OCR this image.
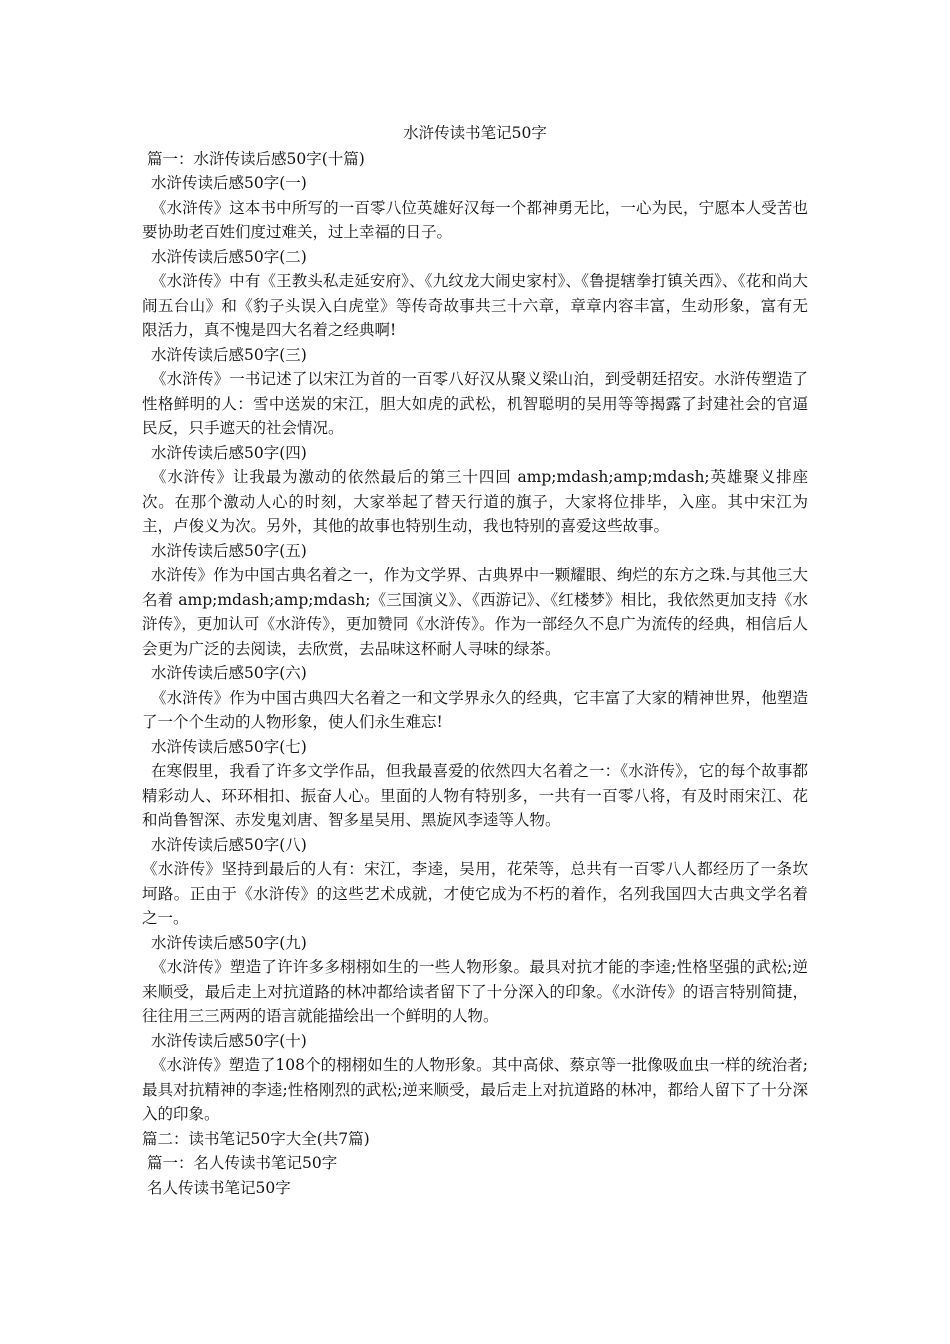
水浒传读书笔记50字
篇一：水浒传读后感50字(十篇)
水浒传读后感50字(一)

《水浒传》这本书中所写的一百零八位英雄好汉每一个都神勇无比，一心为民，宁愿本人受苦也要协助老百姓们度过难关，过上幸福的日子。

水浒传读后感50字(二)

《水浒传》中有《王教头私走延安府》、《九纹龙大闹史家村》、《鲁提辖拳打镇关西》、《花和尚大闹五台山》和《豹子头误入白虎堂》等传奇故事共三十六章，章章内容丰富，生动形象，富有无限活力，真不愧是四大名着之经典啊!

水浒传读后感50字(三)

《水浒传》一书记述了以宋江为首的一百零八好汉从聚义梁山泊，到受朝廷招安。水浒传塑造了性格鲜明的人：雪中送炭的宋江，胆大如虎的武松，机智聪明的吴用等等揭露了封建社会的官逼民反，只手遮天的社会情况。

水浒传读后感50字(四)

《水浒传》让我最为激动的依然最后的第三十四回 amp;mdash;amp;mdash;英雄聚义排座次。在那个激动人心的时刻，大家举起了替天行道的旗子，大家将位排毕，入座。其中宋江为主，卢俊义为次。另外，其他的故事也特别生动，我也特别的喜爱这些故事。

水浒传读后感50字(五)

水浒传》作为中国古典名着之一，作为文学界、古典界中一颗耀眼、绚烂的东方之珠.与其他三大名着 amp;mdash;amp;mdash;《三国演义》、《西游记》、《红楼梦》相比，我依然更加支持《水浒传》，更加认可《水浒传》，更加赞同《水浒传》。作为一部经久不息广为流传的经典，相信后人会更为广泛的去阅读，去欣赏，去品味这杯耐人寻味的绿茶。

水浒传读后感50字(六)

《水浒传》作为中国古典四大名着之一和文学界永久的经典，它丰富了大家的精神世界，他塑造了一个个生动的人物形象，使人们永生难忘!

水浒传读后感50字(七)

在寒假里，我看了许多文学作品，但我最喜爱的依然四大名着之一：《水浒传》，它的每个故事都精彩动人、环环相扣、振奋人心。里面的人物有特别多，一共有一百零八将，有及时雨宋江、花和尚鲁智深、赤发鬼刘唐、智多星吴用、黑旋风李逵等人物。

水浒传读后感50字(八)

《水浒传》坚持到最后的人有：宋江，李逵，吴用，花荣等，总共有一百零八人都经历了一条坎坷路。正由于《水浒传》的这些艺术成就，才使它成为不朽的着作，名列我国四大古典文学名着之一。

水浒传读后感50字(九)

《水浒传》塑造了许许多多栩栩如生的一些人物形象。最具对抗才能的李逵;性格坚强的武松;逆来顺受，最后走上对抗道路的林冲都给读者留下了十分深入的印象。《水浒传》的语言特别简捷，往往用三三两两的语言就能描绘出一个鲜明的人物。

水浒传读后感50字(十)

《水浒传》塑造了108个的栩栩如生的人物形象。其中高俅、蔡京等一批像吸血虫一样的统治者;最具对抗精神的李逵;性格刚烈的武松;逆来顺受，最后走上对抗道路的林冲，都给人留下了十分深入的印象。

篇二：读书笔记50字大全(共7篇)
篇一：名人传读书笔记50字
名人传读书笔记50字
